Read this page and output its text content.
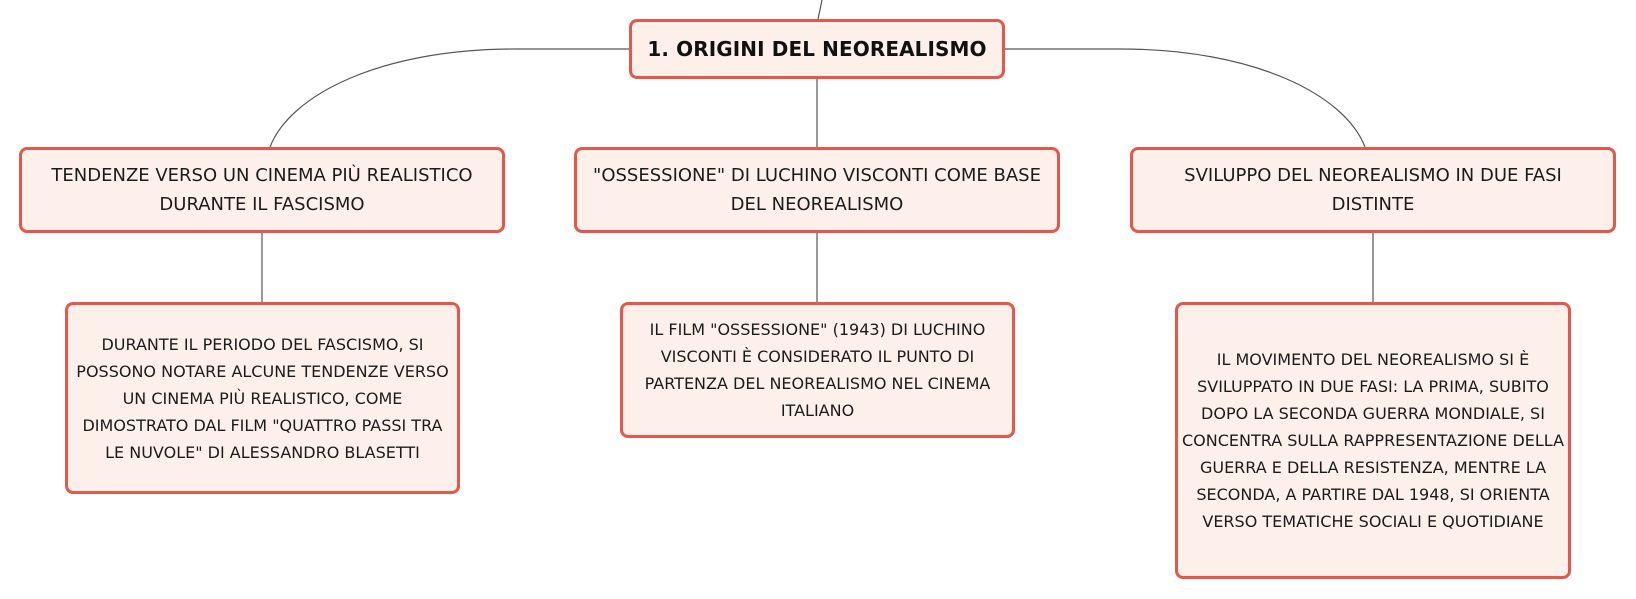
1. ORIGINI DEL NEOREALISMO
TENDENZE VERSO UN CINEMA PIÙ REALISTICO DURANTE IL FASCISMO
"OSSESSIONE" DI LUCHINO VISCONTI COME BASE DEL NEOREALISMO
SVILUPPO DEL NEOREALISMO IN DUE FASI DISTINTE
DURANTE IL PERIODO DEL FASCISMO, SI POSSONO NOTARE ALCUNE TENDENZE VERSO UN CINEMA PIÙ REALISTICO, COME DIMOSTRATO DAL FILM "QUATTRO PASSI TRA LE NUVOLE" DI ALESSANDRO BLASETTI
IL FILM "OSSESSIONE" (1943) DI LUCHINO VISCONTI È CONSIDERATO IL PUNTO DI PARTENZA DEL NEOREALISMO NEL CINEMA ITALIANO
IL MOVIMENTO DEL NEOREALISMO SI È SVILUPPATO IN DUE FASI: LA PRIMA, SUBITO DOPO LA SECONDA GUERRA MONDIALE, SI CONCENTRA SULLA RAPPRESENTAZIONE DELLA GUERRA E DELLA RESISTENZA, MENTRE LA SECONDA, A PARTIRE DAL 1948, SI ORIENTA VERSO TEMATICHE SOCIALI E QUOTIDIANE
